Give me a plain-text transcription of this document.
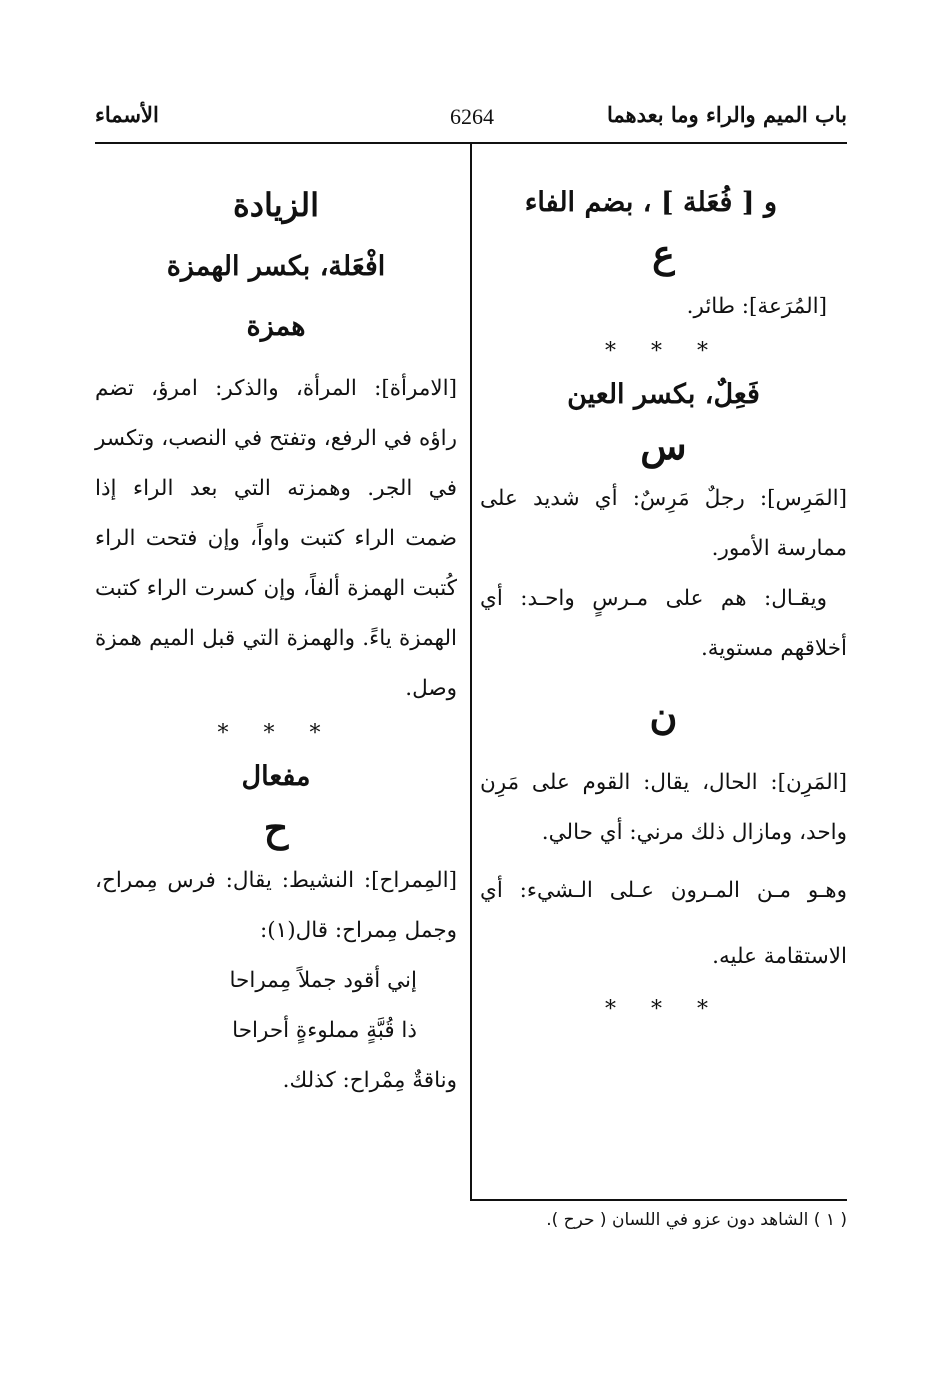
باب الميم والراء وما بعدهما
6264
الأسماء
و [ فُعَلة ] ، بضم الفاء
ع
[المُرَعة]: طائر.
* * *
فَعِلٌ، بكسر العين
س
[المَرِس]: رجلٌ مَرِسٌ: أي شديد على ممارسة الأمور.
ويقـال: هم على مـرسٍ واحـد: أي أخلاقهم مستوية.
ن
[المَرِن]: الحال، يقال: القوم على مَرِن واحد، ومازال ذلك مرني: أي حالي.
وهـو مـن المـرون عـلى الـشيء: أي الاستقامة عليه.
* * *
الزيادة
افْعَلة، بكسر الهمزة
همزة
[الامرأة]: المرأة، والذكر: امرؤ، تضم راؤه في الرفع، وتفتح في النصب، وتكسر في الجر. وهمزته التي بعد الراء إذا ضمت الراء كتبت واواً، وإن فتحت الراء كُتبت الهمزة ألفاً، وإن كسرت الراء كتبت الهمزة ياءً. والهمزة التي قبل الميم همزة وصل.
* * *
مفعال
ح
[المِمراح]: النشيط: يقال: فرس مِمراح، وجمل مِمراح: قال(١):
إني أقود جملاً مِمراحا
ذا قُبَّةٍ مملوءةٍ أحراحا
وناقةٌ مِمْراح: كذلك.
( ١ ) الشاهد دون عزو في اللسان ( حرح ).
